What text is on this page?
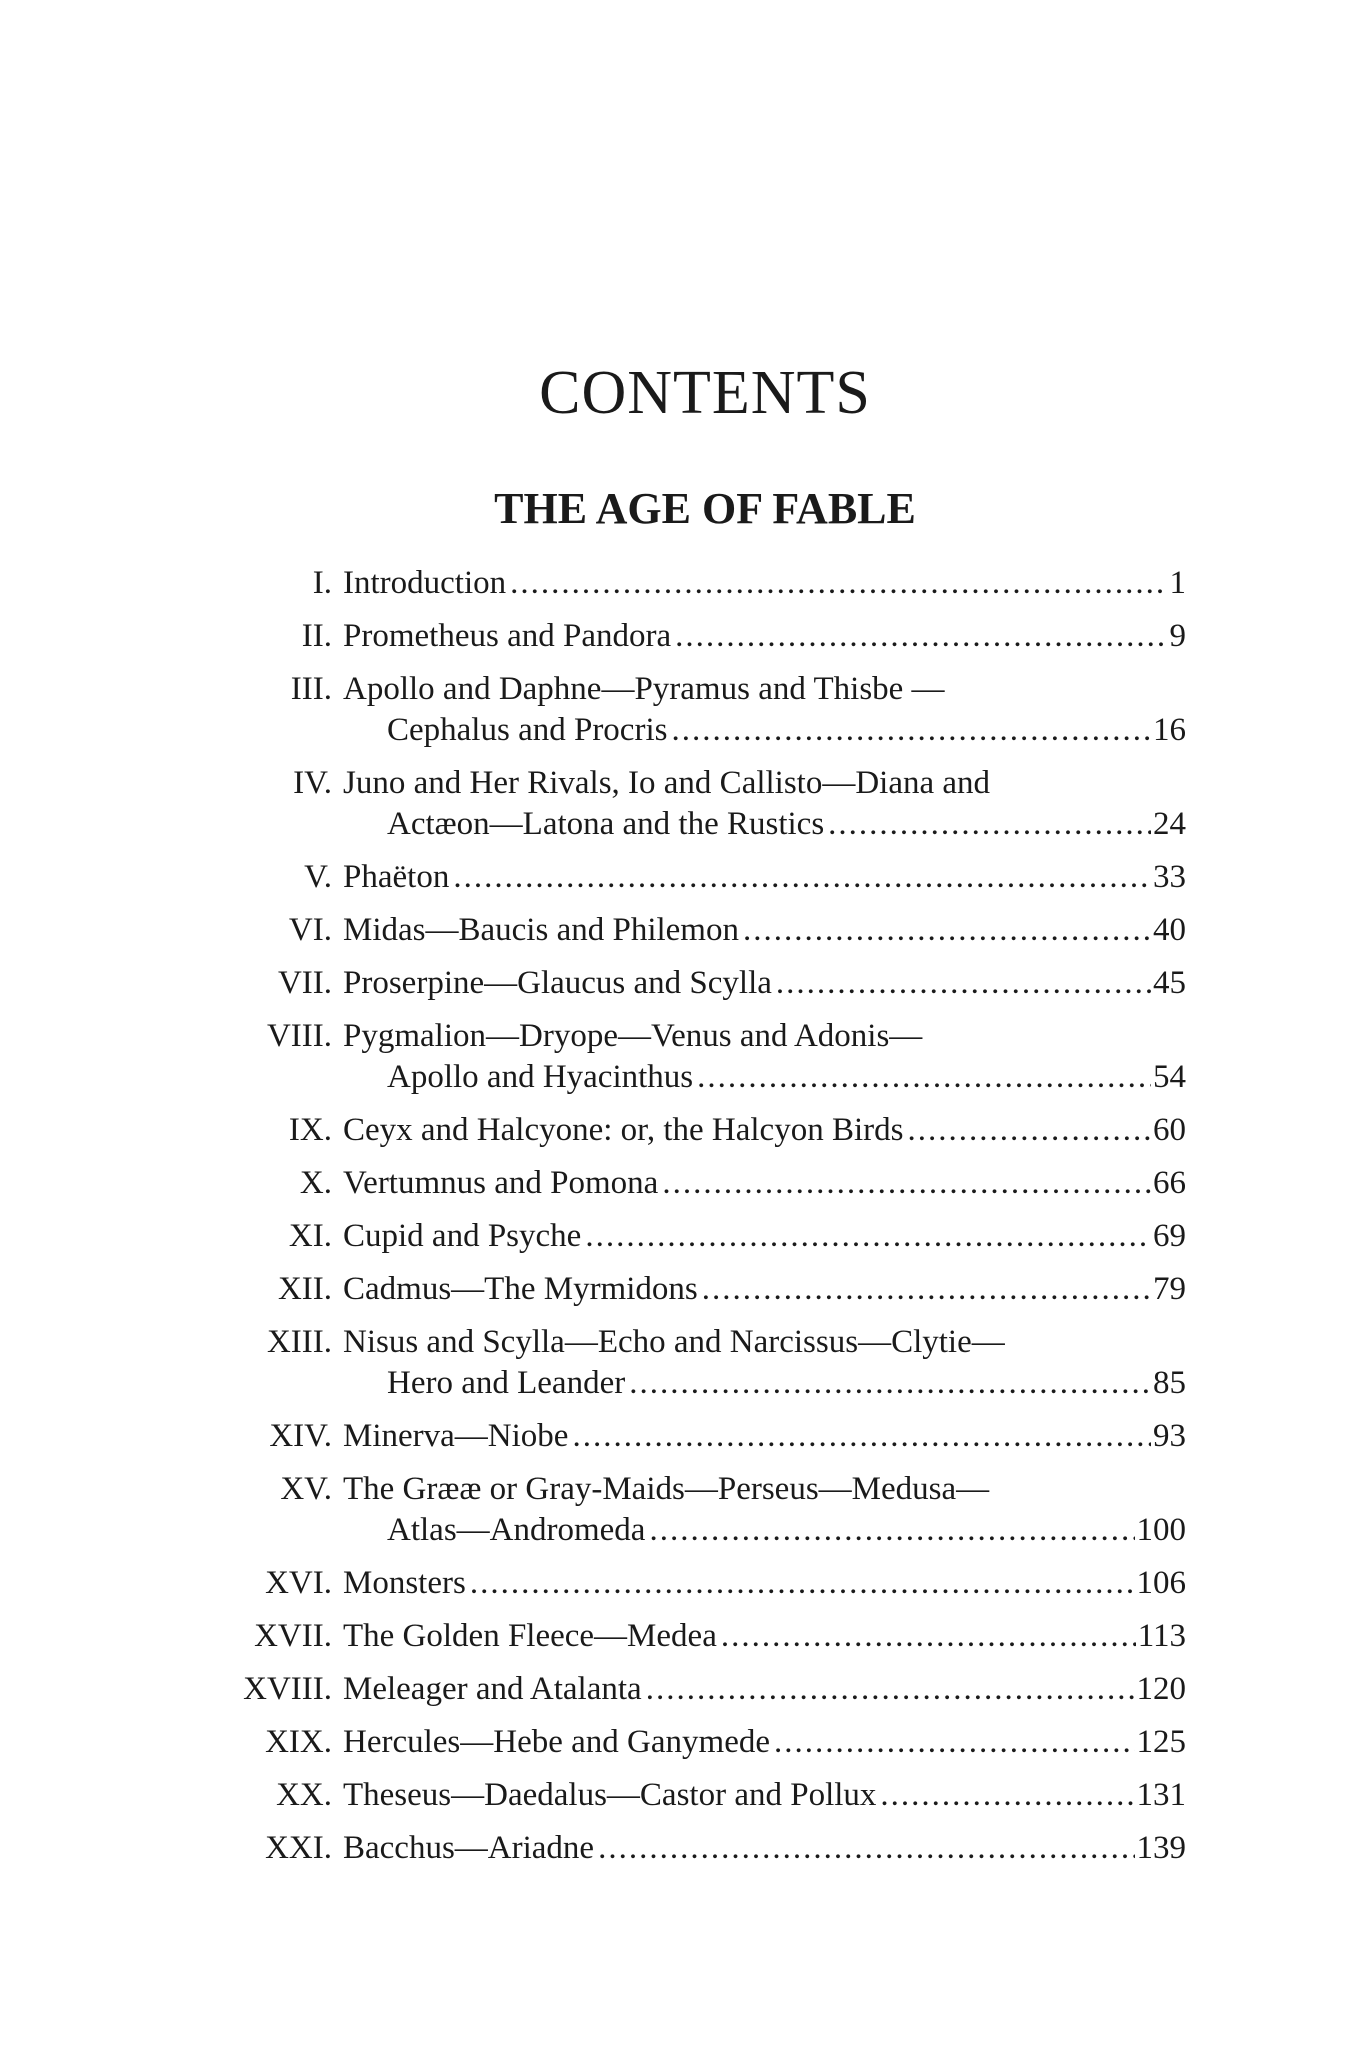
CONTENTS
THE AGE OF FABLE
I. Introduction .....	1
II. Prometheus and Pandora .....	9
III. Apollo and Daphne—Pyramus and Thisbe —
Cephalus and Procris .....	16
IV. Juno and Her Rivals, Io and Callisto—Diana and
Actæon—Latona and the Rustics .....	24
V. Phaëton .....	33
VI. Midas—Baucis and Philemon .....	40
VII. Proserpine—Glaucus and Scylla .....	45
VIII. Pygmalion—Dryope—Venus and Adonis—
Apollo and Hyacinthus .....	54
IX. Ceyx and Halcyone: or, the Halcyon Birds .....	60
X. Vertumnus and Pomona .....	66
XI. Cupid and Psyche .....	69
XII. Cadmus—The Myrmidons .....	79
XIII. Nisus and Scylla—Echo and Narcissus—Clytie—
Hero and Leander .....	85
XIV. Minerva—Niobe .....	93
XV. The Grææ or Gray-Maids—Perseus—Medusa—
Atlas—Andromeda .....	100
XVI. Monsters .....	106
XVII. The Golden Fleece—Medea .....	113
XVIII. Meleager and Atalanta .....	120
XIX. Hercules—Hebe and Ganymede .....	125
XX. Theseus—Daedalus—Castor and Pollux .....	131
XXI. Bacchus—Ariadne .....	139
